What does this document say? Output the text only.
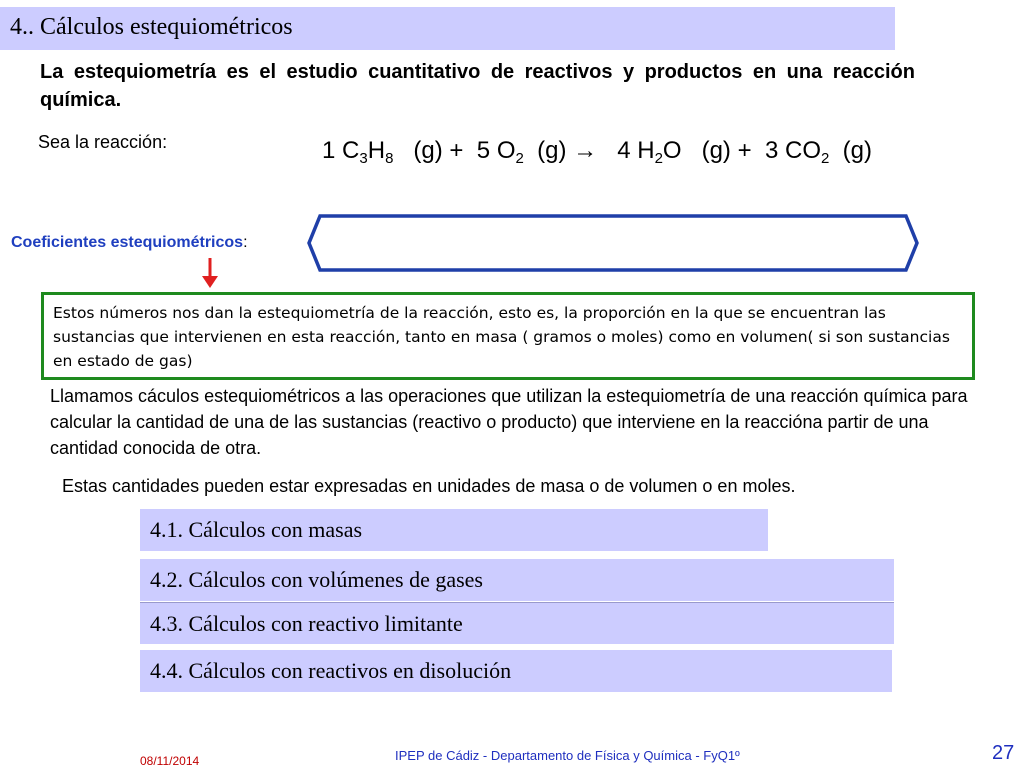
4.. Cálculos estequiométricos
La estequiometría es el estudio cuantitativo de reactivos y productos en una reacción química.
Sea la reacción:	1 $C_3H_8$ (g) + 5 $O_2$ (g) → 4 $H_2O$ (g) + 3 $CO_2$ (g)
Coeficientes estequiométricos:
Estos números nos dan la estequiometría de la reacción, esto es, la proporción en la que se encuentran las sustancias que intervienen en esta reacción, tanto en masa ( gramos o moles) como en volumen( si son sustancias en estado de gas)
Llamamos cáculos estequiométricos a las operaciones que utilizan la estequiometría de una reacción química para calcular la cantidad de una de las sustancias (reactivo o producto) que interviene en la reacciónа partir de una cantidad conocida de otra.
Estas cantidades pueden estar expresadas en unidades de masa o de volumen o en moles.
4.1. Cálculos con masas
4.2. Cálculos con volúmenes de gases
4.3. Cálculos con reactivo limitante
4.4. Cálculos con reactivos en disolución
08/11/2014	IPEP de Cádiz - Departamento de Física y Química - FyQ1º	27
